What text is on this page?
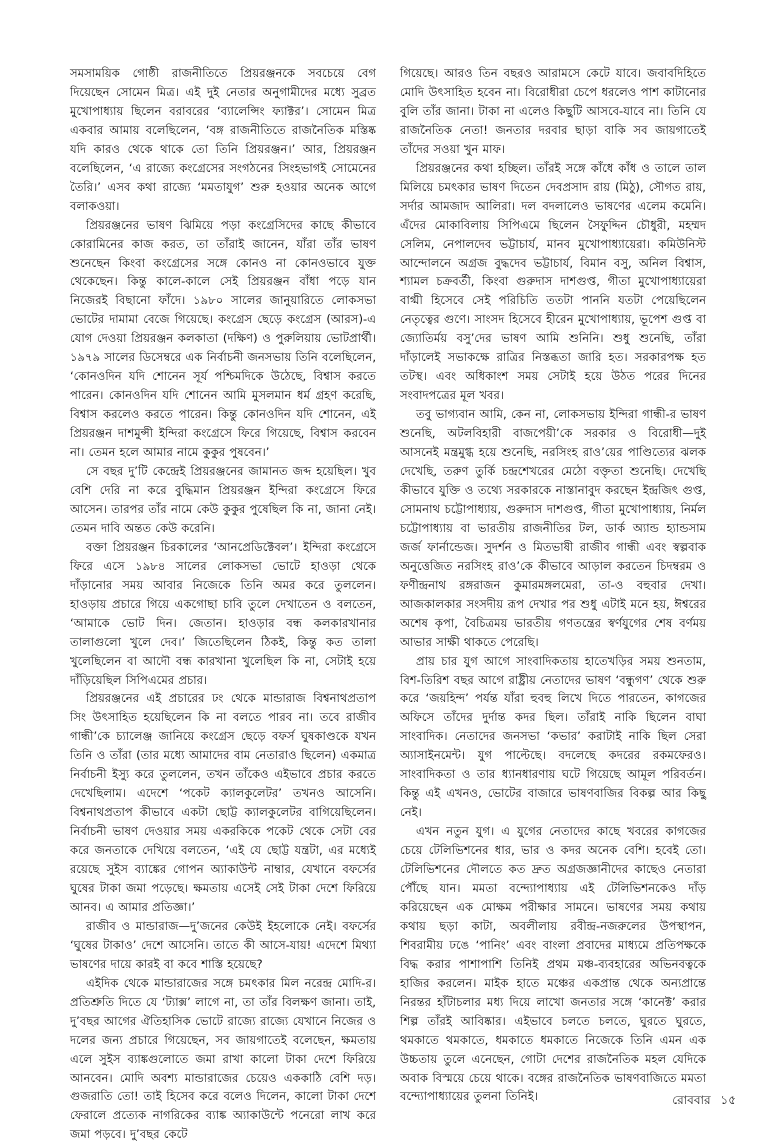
সমসাময়িক গোষ্ঠী রাজনীতিতে প্রিয়রঞ্জনকে সবচেয়ে বেগ দিয়েছেন সোমেন মিত্র। এই দুই নেতার অনুগামীদের মধ্যে সুব্রত মুখোপাধ্যায় ছিলেন বরাবরের ‘ব্যালেন্সিং ফ্যাক্টর’। সোমেন মিত্র একবার আমায় বলেছিলেন, ‘বঙ্গ রাজনীতিতে রাজনৈতিক মস্তিষ্ক যদি কারও থেকে থাকে তো তিনি প্রিয়রঞ্জন।’ আর, প্রিয়রঞ্জন বলেছিলেন, ‘এ রাজ্যে কংগ্রেসের সংগঠনের সিংহভাগই সোমেনের তৈরি।’ এসব কথা রাজ্যে ‘মমতাযুগ’ শুরু হওয়ার অনেক আগে বলাকওয়া।

প্রিয়রঞ্জনের ভাষণ ঝিমিয়ে পড়া কংগ্রেসিদের কাছে কীভাবে কোরামিনের কাজ করত, তা তাঁরাই জানেন, যাঁরা তাঁর ভাষণ শুনেছেন কিংবা কংগ্রেসের সঙ্গে কোনও না কোনওভাবে যুক্ত থেকেছেন। কিন্তু কালে-কালে সেই প্রিয়রঞ্জন বাঁধা পড়ে যান নিজেরই বিছানো ফাঁদে। ১৯৮০ সালের জানুয়ারিতে লোকসভা ভোটের দামামা বেজে গিয়েছে। কংগ্রেস ছেড়ে কংগ্রেস (আরস)-এ যোগ দেওয়া প্রিয়রঞ্জন কলকাতা (দক্ষিণ) ও পুরুলিয়ায় ভোটপ্রার্থী। ১৯৭৯ সালের ডিসেম্বরে এক নির্বাচনী জনসভায় তিনি বলেছিলেন, ‘কোনওদিন যদি শোনেন সূর্য পশ্চিমদিকে উঠেছে, বিশ্বাস করতে পারেন। কোনওদিন যদি শোনেন আমি মুসলমান ধর্ম গ্রহণ করেছি, বিশ্বাস করলেও করতে পারেন। কিন্তু কোনওদিন যদি শোনেন, এই প্রিয়রঞ্জন দাশমুন্সী ইন্দিরা কংগ্রেসে ফিরে গিয়েছে, বিশ্বাস করবেন না। তেমন হলে আমার নামে কুকুর পুষবেন।’

সে বছর দু’টি কেন্দ্রেই প্রিয়রঞ্জনের জামানত জব্দ হয়েছিল। খুব বেশি দেরি না করে বুদ্ধিমান প্রিয়রঞ্জন ইন্দিরা কংগ্রেসে ফিরে আসেন। তারপর তাঁর নামে কেউ কুকুর পুষেছিল কি না, জানা নেই। তেমন দাবি অন্তত কেউ করেনি।

বক্তা প্রিয়রঞ্জন চিরকালের ‘আনপ্রেডিক্টেবল’। ইন্দিরা কংগ্রেসে ফিরে এসে ১৯৮৪ সালের লোকসভা ভোটে হাওড়া থেকে দাঁড়ানোর সময় আবার নিজেকে তিনি অমর করে তুললেন। হাওড়ায় প্রচারে গিয়ে একগোছা চাবি তুলে দেখাতেন ও বলতেন, ‘আমাকে ভোট দিন। জেতান। হাওড়ার বন্ধ কলকারখানার তালাগুলো খুলে দেব।’ জিতেছিলেন ঠিকই, কিন্তু কত তালা খুলেছিলেন বা আদৌ বন্ধ কারখানা খুলেছিল কি না, সেটাই হয়ে দাঁড়িয়েছিল সিপিএমের প্রচার।

প্রিয়রঞ্জনের এই প্রচারের ঢং থেকে মান্ডারাজ বিশ্বনাথপ্রতাপ সিং উৎসাহিত হয়েছিলেন কি না বলতে পারব না। তবে রাজীব গান্ধী’কে চ্যালেঞ্জ জানিয়ে কংগ্রেস ছেড়ে বফর্স ঘুষকাণ্ডকে যখন তিনি ও তাঁরা (তার মধ্যে আমাদের বাম নেতারাও ছিলেন) একমাত্র নির্বাচনী ইস্যু করে তুললেন, তখন তাঁকেও এইভাবে প্রচার করতে দেখেছিলাম। এদেশে ‘পকেট ক্যালকুলেটর’ তখনও আসেনি। বিশ্বনাথপ্রতাপ কীভাবে একটা ছোট্ট ক্যালকুলেটর বাগিয়েছিলেন। নির্বাচনী ভাষণ দেওয়ার সময় একরকিকে পকেট থেকে সেটা বের করে জনতাকে দেখিয়ে বলতেন, ‘এই যে ছোট্ট যন্ত্রটা, এর মধ্যেই রয়েছে সুইস ব্যাঙ্কের গোপন অ্যাকাউন্ট নাম্বার, যেখানে বফর্সের ঘুষের টাকা জমা পড়েছে। ক্ষমতায় এসেই সেই টাকা দেশে ফিরিয়ে আনব। এ আমার প্রতিজ্ঞা।’

রাজীব ও মান্ডারাজ—দু’জনের কেউই ইহলোকে নেই। বফর্সের ‘ঘুষের টাকাও’ দেশে আসেনি। তাতে কী আসে-যায়! এদেশে মিথ্যা ভাষণের দায়ে কারই বা কবে শাস্তি হয়েছে?

এইদিক থেকে মান্ডারাজের সঙ্গে চমৎকার মিল নরেন্দ্র মোদি-র। প্রতিশ্রুতি দিতে যে ‘ট্যাক্স’ লাগে না, তা তাঁর বিলক্ষণ জানা। তাই, দু’বছর আগের ঐতিহাসিক ভোটে রাজ্যে রাজ্যে যেখানে নিজের ও দলের জন্য প্রচারে গিয়েছেন, সব জায়গাতেই বলেছেন, ক্ষমতায় এলে সুইস ব্যাঙ্কগুলোতে জমা রাখা কালো টাকা দেশে ফিরিয়ে আনবেন। মোদি অবশ্য মান্ডারাজের চেয়েও এককাঠি বেশি দড়। গুজরাতি তো! তাই হিসেব করে বলেও দিলেন, কালো টাকা দেশে ফেরালে প্রত্যেক নাগরিকের ব্যাঙ্ক অ্যাকাউন্টে পনেরো লাখ করে জমা পড়বে। দু’বছর কেটে

গিয়েছে। আরও তিন বছরও আরামসে কেটে যাবে। জবাবদিহিতে মোদি উৎসাহিত হবেন না। বিরোধীরা চেপে ধরলেও পাশ কাটানোর বুলি তাঁর জানা। টাকা না এলেও কিছুটি আসবে-যাবে না। তিনি যে রাজনৈতিক নেতা! জনতার দরবার ছাড়া বাকি সব জায়গাতেই তাঁদের সওয়া খুন মাফ।

প্রিয়রঞ্জনের কথা হচ্ছিল। তাঁরই সঙ্গে কাঁধে কাঁধ ও তালে তাল মিলিয়ে চমৎকার ভাষণ দিতেন দেবপ্রসাদ রায় (মিঠু), সৌগত রায়, সর্দার আমজাদ আলিরা। দল বদলালেও ভাষণের এলেম কমেনি। এঁদের মোকাবিলায় সিপিএমে ছিলেন সৈফুদ্দিন চৌধুরী, মহম্মদ সেলিম, নেপালদেব ভট্টাচার্য, মানব মুখোপাধ্যায়েরা। কমিউনিস্ট আন্দোলনে অগ্রজ বুদ্ধদেব ভট্টাচার্য, বিমান বসু, অনিল বিশ্বাস, শ্যামল চক্রবর্তী, কিংবা গুরুদাস দাশগুপ্ত, গীতা মুখোপাধ্যায়েরা বাগ্মী হিসেবে সেই পরিচিতি ততটা পাননি যতটা পেয়েছিলেন নেতৃত্বের গুণে। সাংসদ হিসেবে হীরেন মুখোপাধ্যায়, ভূপেশ গুপ্ত বা জ্যোতির্ময় বসু’দের ভাষণ আমি শুনিনি। শুধু শুনেছি, তাঁরা দাঁড়ালেই সভাকক্ষে রাত্রির নিস্তব্ধতা জারি হত। সরকারপক্ষ হত তটস্থ। এবং অধিকাংশ সময় সেটাই হয়ে উঠত পরের দিনের সংবাদপত্রের মূল খবর।

তবু ভাগ্যবান আমি, কেন না, লোকসভায় ইন্দিরা গান্ধী-র ভাষণ শুনেছি, অটলবিহারী বাজপেয়ী’কে সরকার ও বিরোধী—দুই আসনেই মন্ত্রমুগ্ধ হয়ে শুনেছি, নরসিংহ রাও’য়ের পাণ্ডিত্যের ঝলক দেখেছি, তরুণ তুর্কি চন্দ্রশেখরের মেঠো বক্তৃতা শুনেছি। দেখেছি কীভাবে যুক্তি ও তথ্যে সরকারকে নাস্তানাবুদ করছেন ইন্দ্রজিৎ গুপ্ত, সোমনাথ চট্টোপাধ্যায়, গুরুদাস দাশগুপ্ত, গীতা মুখোপাধ্যায়, নির্মল চট্টোপাধ্যায় বা ভারতীয় রাজনীতির টল, ডার্ক অ্যান্ড হ্যান্ডসাম জর্জ ফার্নান্ডেজ। সুদর্শন ও মিতভাষী রাজীব গান্ধী এবং স্বল্পবাক অনুত্তেজিত নরসিংহ রাও’কে কীভাবে আড়াল করতেন চিদম্বরম ও ফণীন্দ্রনাথ রঙ্গরাজন কুমারমঙ্গলমেরা, তা-ও বহুবার দেখা। আজকালকার সংসদীয় রূপ দেখার পর শুধু এটাই মনে হয়, ঈশ্বরের অশেষ কৃপা, বৈচিত্রময় ভারতীয় গণতন্ত্রের স্বর্ণযুগের শেষ বর্ণময় আভার সাক্ষী থাকতে পেরেছি।

প্রায় চার যুগ আগে সাংবাদিকতায় হাতেখড়ির সময় শুনতাম, বিশ-তিরিশ বছর আগে রাষ্ট্রীয় নেতাদের ভাষণ ‘বন্ধুগণ’ থেকে শুরু করে ‘জয়হিন্দ’ পর্যন্ত যাঁরা হুবহু লিখে দিতে পারতেন, কাগজের অফিসে তাঁদের দুর্দান্ত কদর ছিল। তাঁরাই নাকি ছিলেন বাঘা সাংবাদিক। নেতাদের জনসভা ‘কভার’ করাটাই নাকি ছিল সেরা অ্যাসাইনমেন্ট। যুগ পাল্টেছে। বদলেছে কদরের রকমফেরও। সাংবাদিকতা ও তার ধ্যানধারণায় ঘটে গিয়েছে আমূল পরিবর্তন। কিন্তু এই এখনও, ভোটের বাজারে ভাষণবাজির বিকল্প আর কিছু নেই।

এখন নতুন যুগ। এ যুগের নেতাদের কাছে খবরের কাগজের চেয়ে টেলিভিশনের ধার, ভার ও কদর অনেক বেশি। হবেই তো। টেলিভিশনের দৌলতে কত দ্রুত অগ্রজজ্ঞানীদের কাছেও নেতারা পৌঁছে যান। মমতা বন্দ্যোপাধ্যায় এই টেলিভিশনকেও দাঁড় করিয়েছেন এক মোক্ষম পরীক্ষার সামনে। ভাষণের সময় কথায় কথায় ছড়া কাটা, অবলীলায় রবীন্দ্র-নজরুলের উপস্থাপন, শিবরামীয় ঢঙে ‘পানিং’ এবং বাংলা প্রবাদের মাধ্যমে প্রতিপক্ষকে বিদ্ধ করার পাশাপাশি তিনিই প্রথম মঞ্চ-ব্যবহারের অভিনবত্বকে হাজির করলেন। মাইক হাতে মঞ্চের একপ্রান্ত থেকে অন্যপ্রান্তে নিরন্তর হাঁটাচলার মধ্য দিয়ে লাখো জনতার সঙ্গে ‘কানেক্ট’ করার শিল্প তাঁরই আবিষ্কার। এইভাবে চলতে চলতে, ঘুরতে ঘুরতে, থমকাতে থমকাতে, ধমকাতে ধমকাতে নিজেকে তিনি এমন এক উচ্চতায় তুলে এনেছেন, গোটা দেশের রাজনৈতিক মহল যেদিকে অবাক বিস্ময়ে চেয়ে থাকে। বঙ্গের রাজনৈতিক ভাষণবাজিতে মমতা বন্দ্যোপাধ্যায়ের তুলনা তিনিই।	রোববার ১৫
